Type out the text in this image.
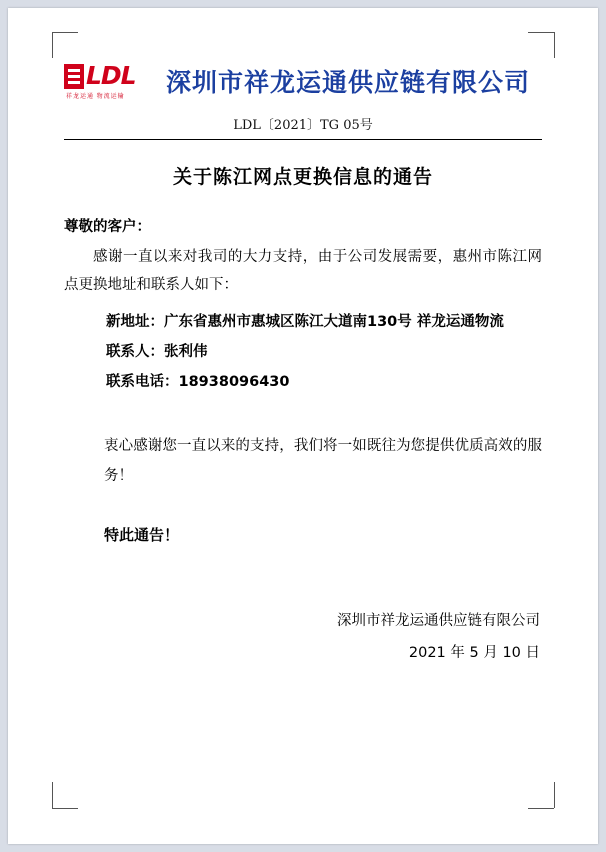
LDL
祥龙运通 物流运输 深圳市祥龙运通供应链有限公司
LDL〔2021〕TG 05号
关于陈江网点更换信息的通告
尊敬的客户：
感谢一直以来对我司的大力支持，由于公司发展需要，惠州市陈江网点更换地址和联系人如下：
新地址：广东省惠州市惠城区陈江大道南130号 祥龙运通物流
联系人：张利伟
联系电话：18938096430
衷心感谢您一直以来的支持，我们将一如既往为您提供优质高效的服务！
特此通告！
深圳市祥龙运通供应链有限公司
2021 年 5 月 10 日
